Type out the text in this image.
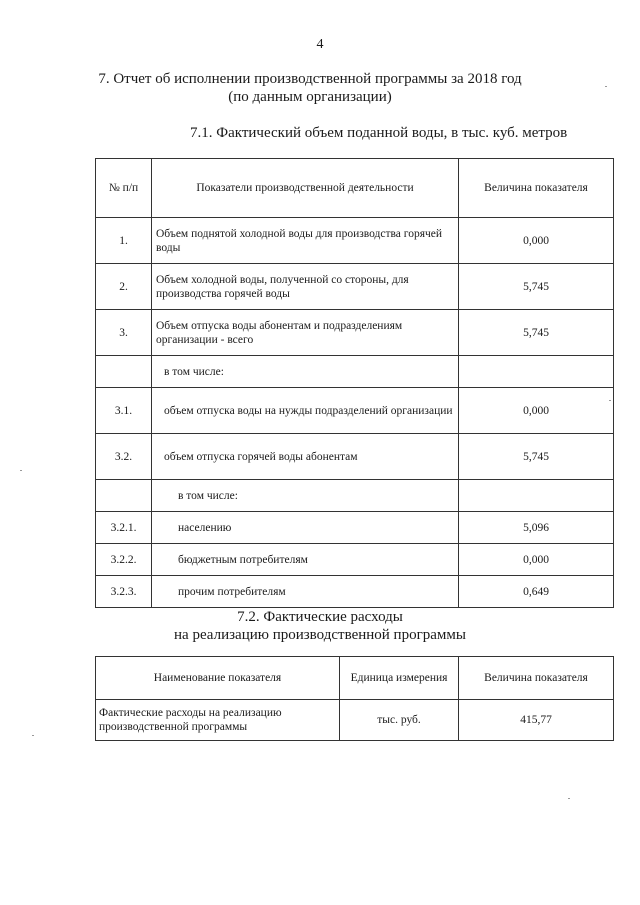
4
7. Отчет об исполнении производственной программы за 2018 год
(по данным организации)
7.1. Фактический объем поданной воды, в тыс. куб. метров
№ п/п	Показатели производственной деятельности	Величина показателя
1.	Объем поднятой холодной воды для производства горячей воды	0,000
2.	Объем холодной воды, полученной со стороны, для производства горячей воды	5,745
3.	Объем отпуска воды абонентам и подразделениям организации - всего	5,745
	в том числе:	
3.1.	объем отпуска воды на нужды подразделений организации	0,000
3.2.	объем отпуска горячей воды абонентам	5,745
	в том числе:	
3.2.1.	населению	5,096
3.2.2.	бюджетным потребителям	0,000
3.2.3.	прочим потребителям	0,649
7.2. Фактические расходы
на реализацию производственной программы
Наименование показателя	Единица измерения	Величина показателя
Фактические расходы на реализацию производственной программы	тыс. руб.	415,77
